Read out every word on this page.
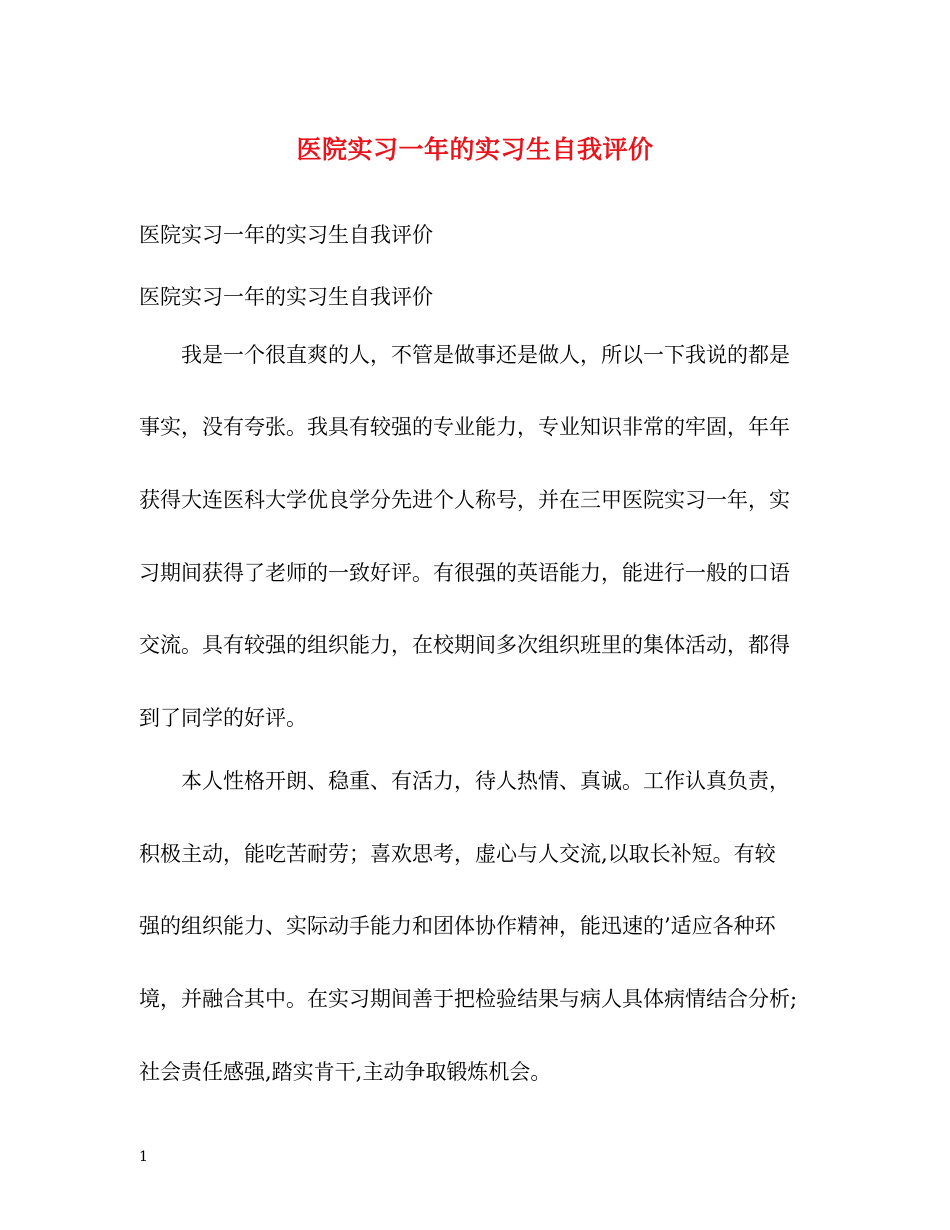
医院实习一年的实习生自我评价
医院实习一年的实习生自我评价
医院实习一年的实习生自我评价
我是一个很直爽的人，不管是做事还是做人，所以一下我说的都是
事实，没有夸张。我具有较强的专业能力，专业知识非常的牢固，年年
获得大连医科大学优良学分先进个人称号，并在三甲医院实习一年，实
习期间获得了老师的一致好评。有很强的英语能力，能进行一般的口语
交流。具有较强的组织能力，在校期间多次组织班里的集体活动，都得
到了同学的好评。
本人性格开朗、稳重、有活力，待人热情、真诚。工作认真负责，
积极主动，能吃苦耐劳；喜欢思考，虚心与人交流,以取长补短。有较
强的组织能力、实际动手能力和团体协作精神，能迅速的’适应各种环
境，并融合其中。在实习期间善于把检验结果与病人具体病情结合分析;
社会责任感强,踏实肯干,主动争取锻炼机会。
1
